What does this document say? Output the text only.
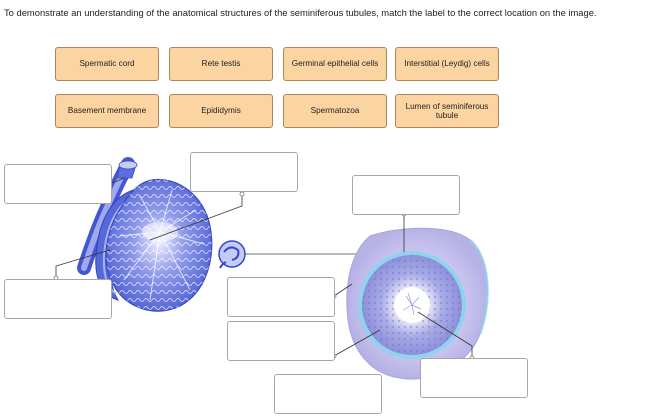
To demonstrate an understanding of the anatomical structures of the seminiferous tubules, match the label to the correct location on the image.
Spermatic cord	Rete testis	Germinal epithelial cells	Interstitial (Leydig) cells
Basement membrane	Epididymis	Spermatozoa
Lumen of seminiferous tubule
